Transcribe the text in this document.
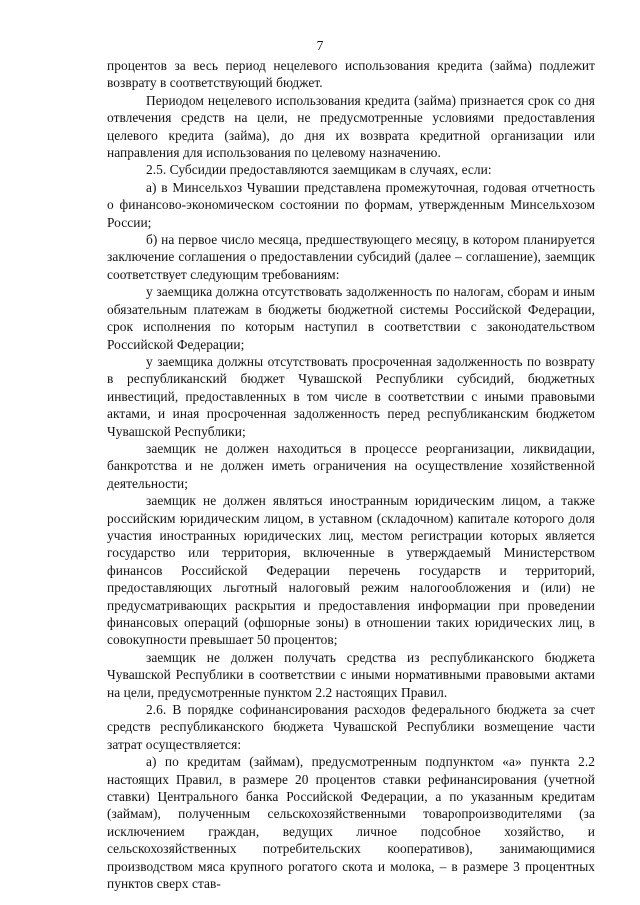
7

процентов за весь период нецелевого использования кредита (займа) подлежит возврату в соответствующий бюджет.

Периодом нецелевого использования кредита (займа) признается срок со дня отвлечения средств на цели, не предусмотренные условиями предоставления целевого кредита (займа), до дня их возврата кредитной организации или направления для использования по целевому назначению.

2.5. Субсидии предоставляются заемщикам в случаях, если:

а) в Минсельхоз Чувашии представлена промежуточная, годовая отчетность о финансово-экономическом состоянии по формам, утвержденным Минсельхозом России;

б) на первое число месяца, предшествующего месяцу, в котором планируется заключение соглашения о предоставлении субсидий (далее – соглашение), заемщик соответствует следующим требованиям:

у заемщика должна отсутствовать задолженность по налогам, сборам и иным обязательным платежам в бюджеты бюджетной системы Российской Федерации, срок исполнения по которым наступил в соответствии с законодательством Российской Федерации;

у заемщика должны отсутствовать просроченная задолженность по возврату в республиканский бюджет Чувашской Республики субсидий, бюджетных инвестиций, предоставленных в том числе в соответствии с иными правовыми актами, и иная просроченная задолженность перед республиканским бюджетом Чувашской Республики;

заемщик не должен находиться в процессе реорганизации, ликвидации, банкротства и не должен иметь ограничения на осуществление хозяйственной деятельности;

заемщик не должен являться иностранным юридическим лицом, а также российским юридическим лицом, в уставном (складочном) капитале которого доля участия иностранных юридических лиц, местом регистрации которых является государство или территория, включенные в утверждаемый Министерством финансов Российской Федерации перечень государств и территорий, предоставляющих льготный налоговый режим налогообложения и (или) не предусматривающих раскрытия и предоставления информации при проведении финансовых операций (офшорные зоны) в отношении таких юридических лиц, в совокупности превышает 50 процентов;

заемщик не должен получать средства из республиканского бюджета Чувашской Республики в соответствии с иными нормативными правовыми актами на цели, предусмотренные пунктом 2.2 настоящих Правил.

2.6. В порядке софинансирования расходов федерального бюджета за счет средств республиканского бюджета Чувашской Республики возмещение части затрат осуществляется:

а) по кредитам (займам), предусмотренным подпунктом «а» пункта 2.2 настоящих Правил, в размере 20 процентов ставки рефинансирования (учетной ставки) Центрального банка Российской Федерации, а по указанным кредитам (займам), полученным сельскохозяйственными товаропроизводителями (за исключением граждан, ведущих личное подсобное хозяйство, и сельскохозяйственных потребительских кооперативов), занимающимися производством мяса крупного рогатого скота и молока, – в размере 3 процентных пунктов сверх став-
